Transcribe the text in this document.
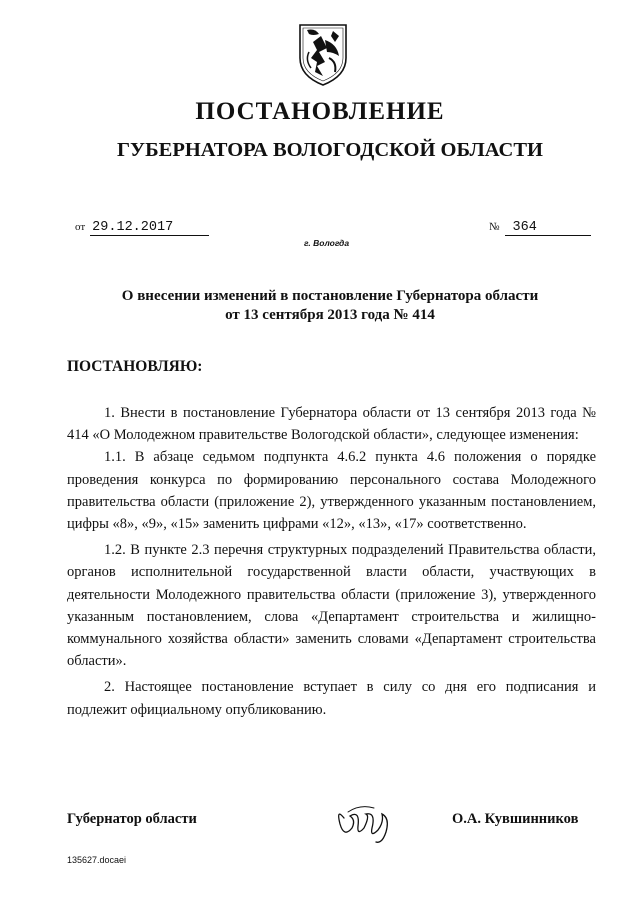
ПОСТАНОВЛЕНИЕ
ГУБЕРНАТОРА ВОЛОГОДСКОЙ ОБЛАСТИ
от 29.12.2017	№ 364
г. Вологда
О внесении изменений в постановление Губернатора области
от 13 сентября 2013 года № 414
ПОСТАНОВЛЯЮ:

1. Внести в постановление Губернатора области от 13 сентября 2013 года № 414 «О Молодежном правительстве Вологодской области», следующее изменения:

1.1. В абзаце седьмом подпункта 4.6.2 пункта 4.6 положения о порядке проведения конкурса по формированию персонального состава Молодежного правительства области (приложение 2), утвержденного указанным постановлением, цифры «8», «9», «15» заменить цифрами «12», «13», «17» соответственно.

1.2. В пункте 2.3 перечня структурных подразделений Правительства области, органов исполнительной государственной власти области, участвующих в деятельности Молодежного правительства области (приложение 3), утвержденного указанным постановлением, слова «Департамент строительства и жилищно-коммунального хозяйства области» заменить словами «Департамент строительства области».

2. Настоящее постановление вступает в силу со дня его подписания и подлежит официальному опубликованию.

Губернатор области	О.А. Кувшинников
135627.docaei
